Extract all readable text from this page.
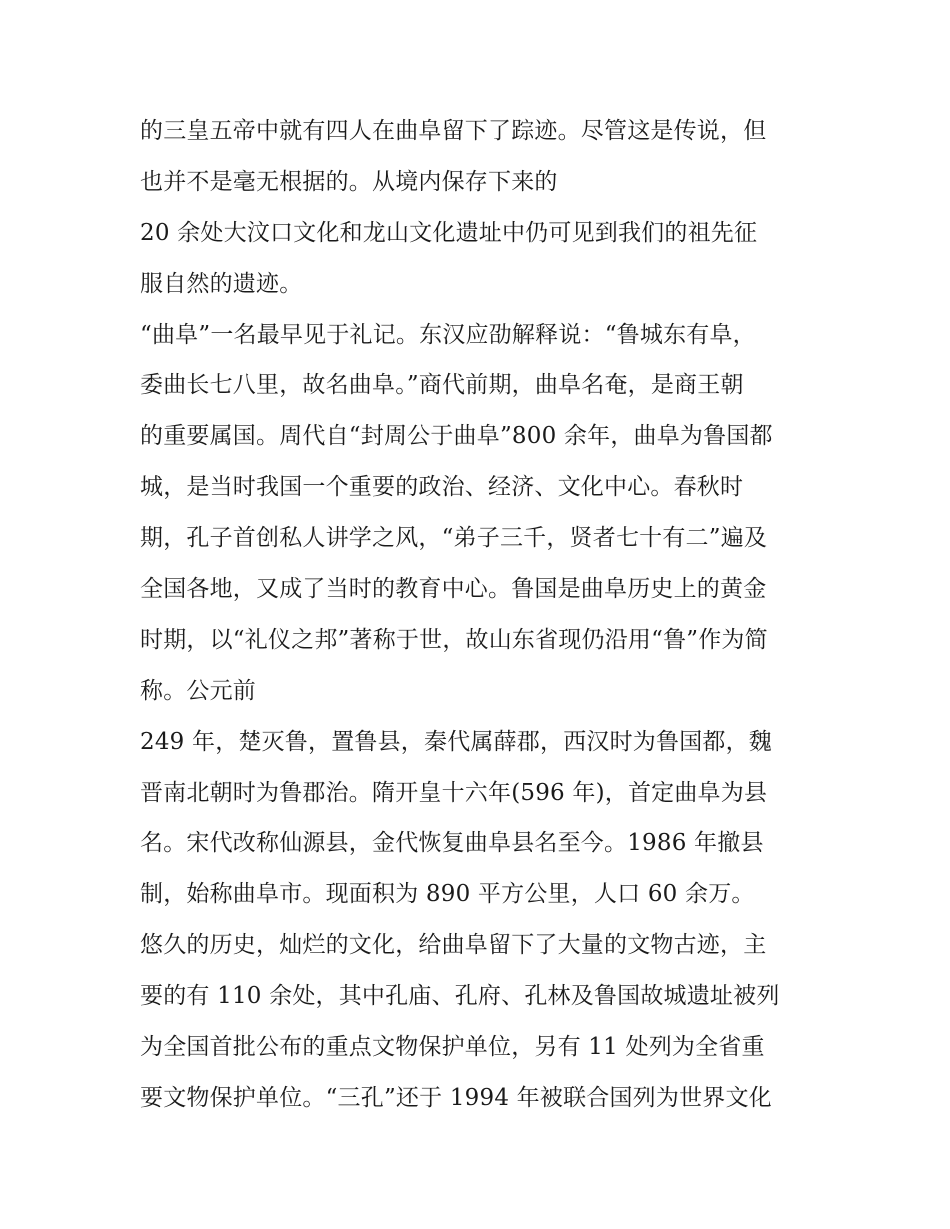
的三皇五帝中就有四人在曲阜留下了踪迹。尽管这是传说，但
也并不是毫无根据的。从境内保存下来的
20 余处大汶口文化和龙山文化遗址中仍可见到我们的祖先征
服自然的遗迹。
“曲阜”一名最早见于礼记。东汉应劭解释说：“鲁城东有阜，
委曲长七八里，故名曲阜。”商代前期，曲阜名奄，是商王朝
的重要属国。周代自“封周公于曲阜”800 余年，曲阜为鲁国都
城，是当时我国一个重要的政治、经济、文化中心。春秋时
期，孔子首创私人讲学之风，“弟子三千，贤者七十有二”遍及
全国各地，又成了当时的教育中心。鲁国是曲阜历史上的黄金
时期，以“礼仪之邦”著称于世，故山东省现仍沿用“鲁”作为简
称。公元前
249 年，楚灭鲁，置鲁县，秦代属薛郡，西汉时为鲁国都，魏
晋南北朝时为鲁郡治。隋开皇十六年(596 年)，首定曲阜为县
名。宋代改称仙源县，金代恢复曲阜县名至今。1986 年撤县
制，始称曲阜市。现面积为 890 平方公里，人口 60 余万。
悠久的历史，灿烂的文化，给曲阜留下了大量的文物古迹，主
要的有 110 余处，其中孔庙、孔府、孔林及鲁国故城遗址被列
为全国首批公布的重点文物保护单位，另有 11 处列为全省重
要文物保护单位。“三孔”还于 1994 年被联合国列为世界文化
